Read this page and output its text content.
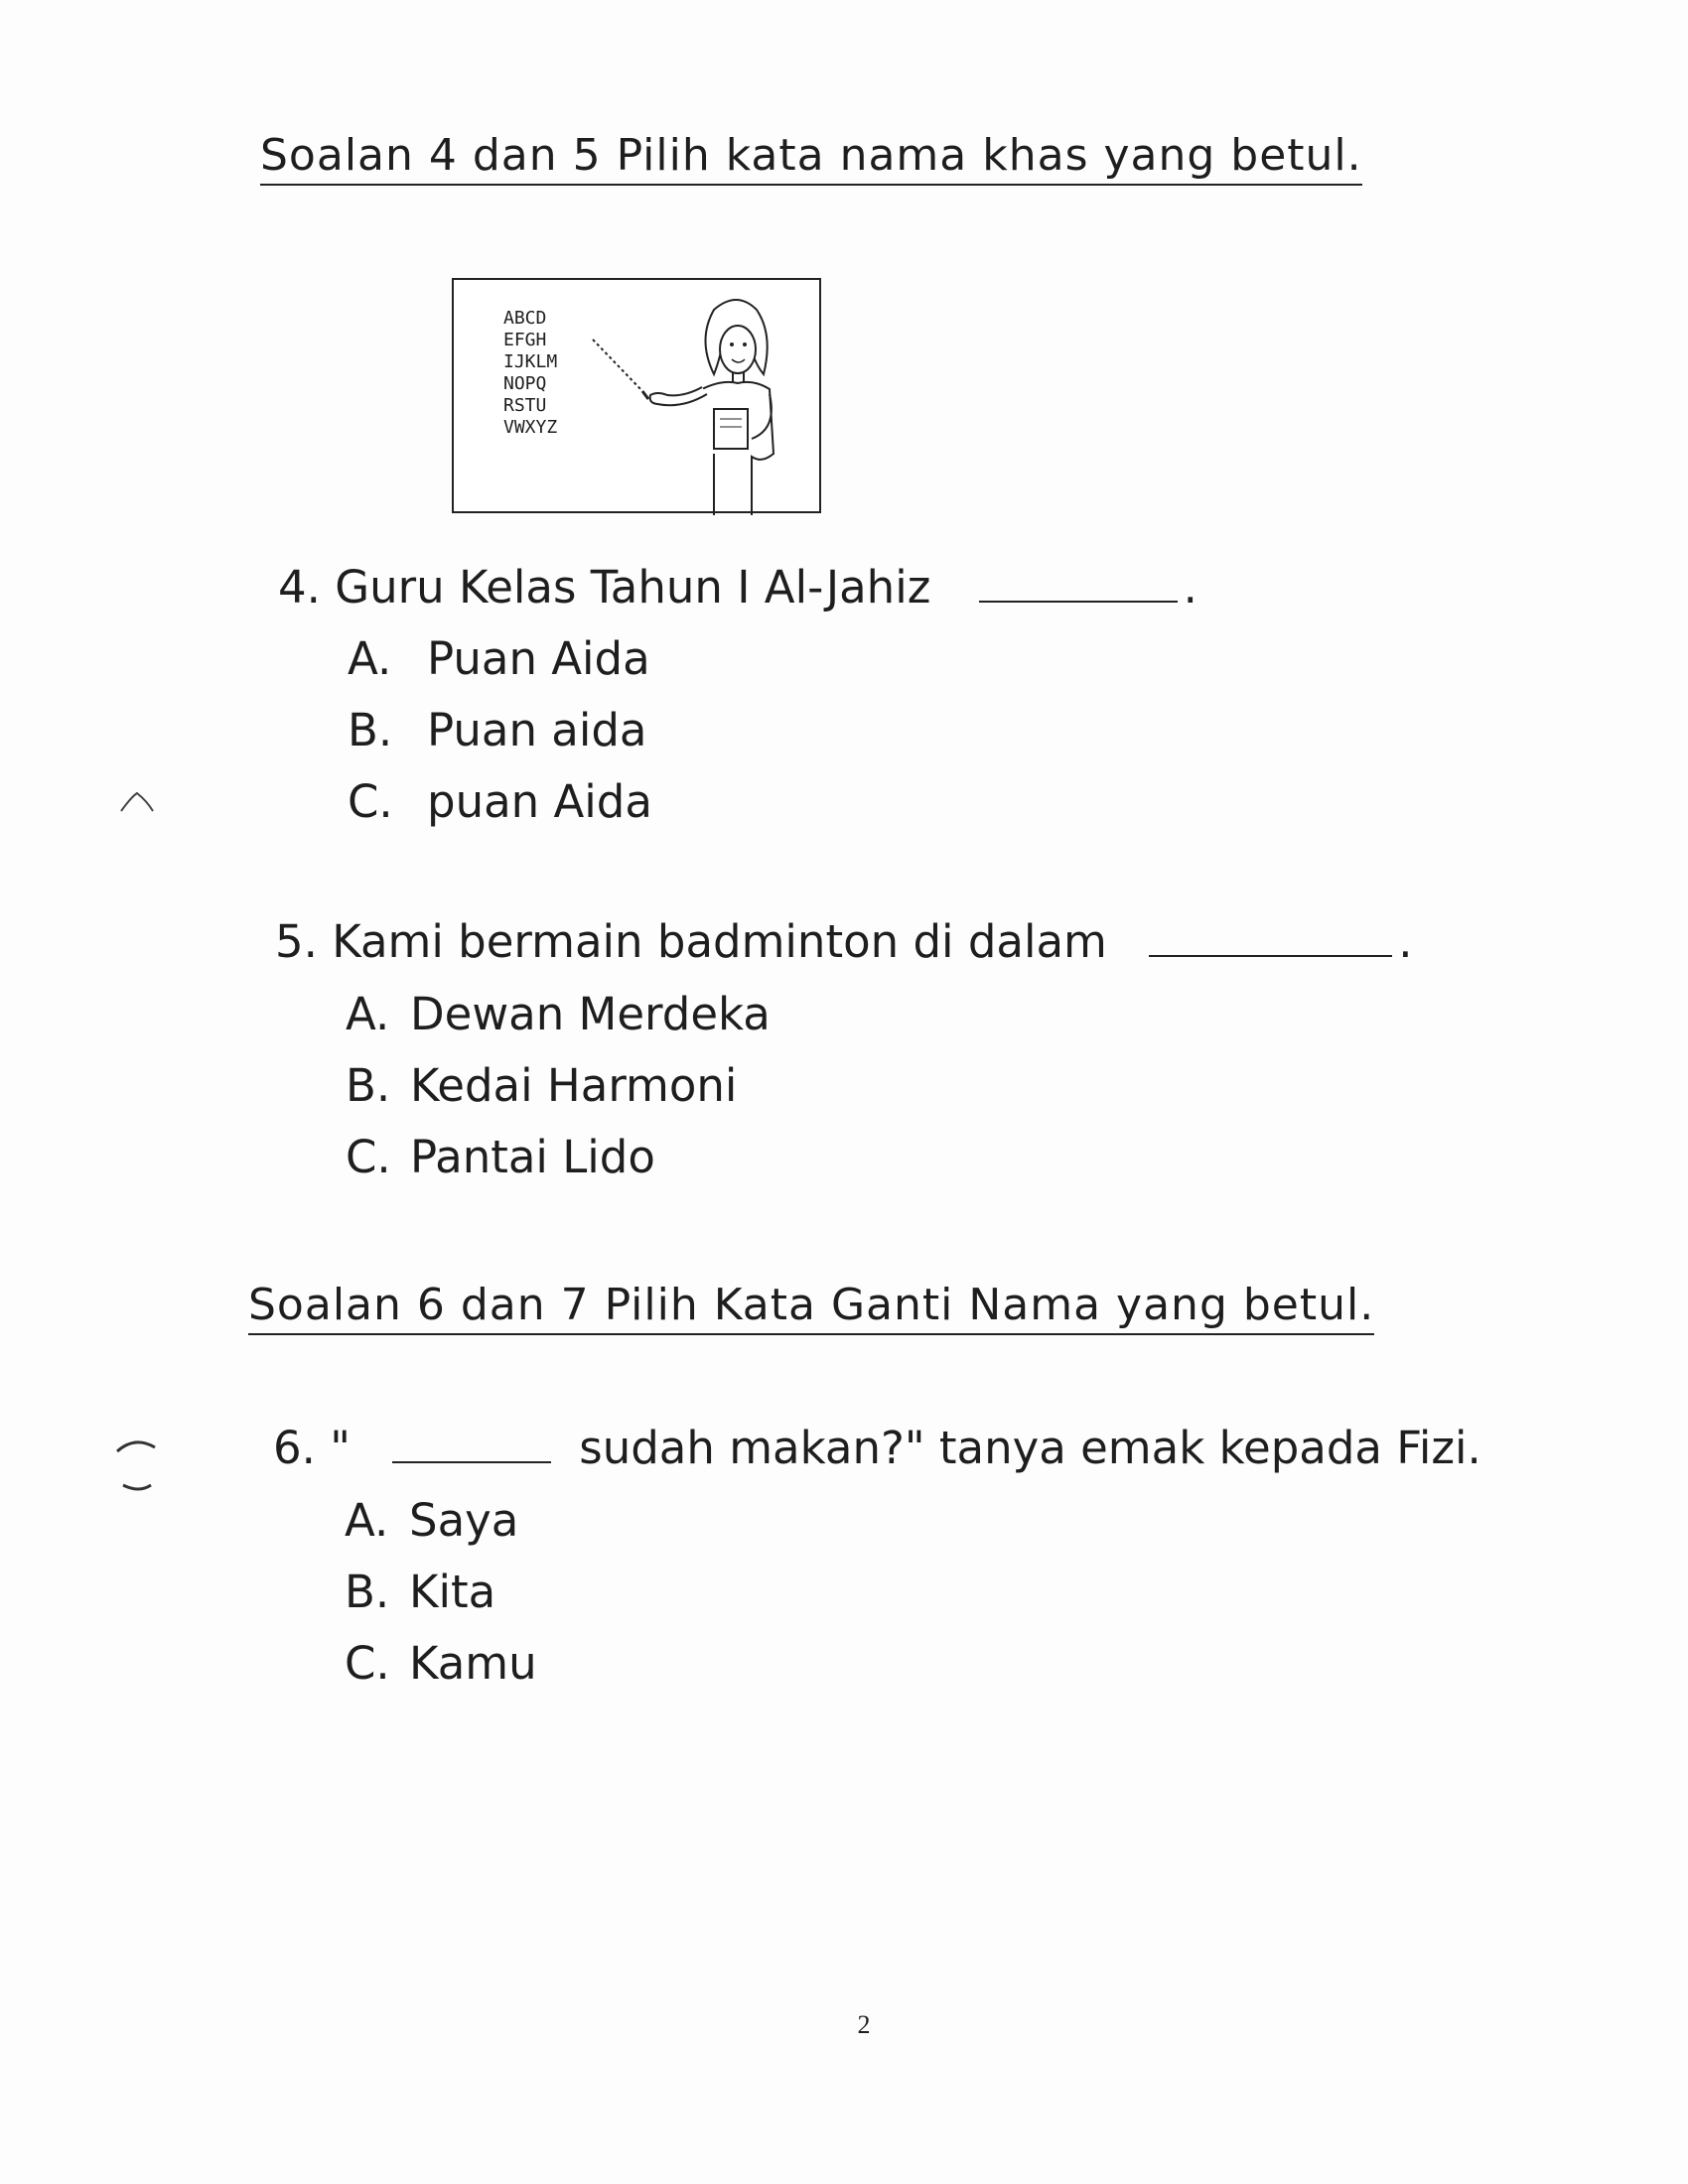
Soalan 4 dan 5 Pilih kata nama khas yang betul.
ABCD
EFGH
IJKLM
NOPQ
RSTU
VWXYZ
4. Guru Kelas Tahun I Al-Jahiz	.
A. Puan Aida
B. Puan aida
C. puan Aida
5. Kami bermain badminton di dalam	.
A. Dewan Merdeka
B. Kedai Harmoni
C. Pantai Lido
Soalan 6 dan 7 Pilih Kata Ganti Nama yang betul.
6. "	sudah makan?" tanya emak kepada Fizi.
A. Saya
B. Kita
C. Kamu
2
